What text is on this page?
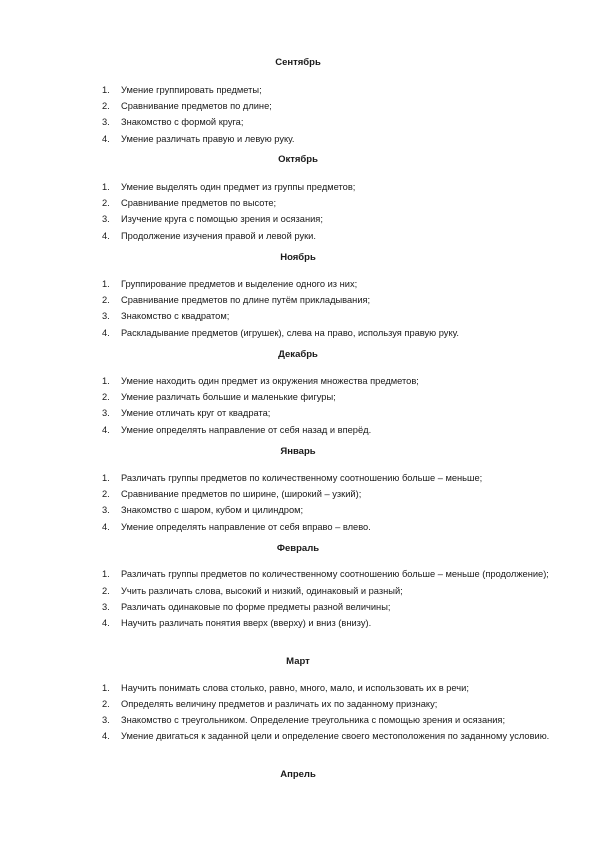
Сентябрь
1. Умение группировать предметы;
2. Сравнивание предметов по длине;
3. Знакомство с формой круга;
4. Умение различать правую и левую руку.
Октябрь
1. Умение выделять один предмет из группы предметов;
2. Сравнивание предметов по высоте;
3. Изучение круга с помощью зрения и осязания;
4. Продолжение изучения правой и левой руки.
Ноябрь
1. Группирование предметов и выделение одного из них;
2. Сравнивание предметов по длине путём прикладывания;
3. Знакомство с квадратом;
4. Раскладывание предметов (игрушек), слева на право, используя правую руку.
Декабрь
1. Умение находить один предмет из окружения множества предметов;
2. Умение различать большие и маленькие фигуры;
3. Умение отличать круг от квадрата;
4. Умение определять направление от себя назад и вперёд.
Январь
1. Различать группы предметов по количественному соотношению больше – меньше;
2. Сравнивание предметов по ширине, (широкий – узкий);
3. Знакомство с шаром, кубом и цилиндром;
4. Умение определять направление от себя вправо – влево.
Февраль
1. Различать группы предметов по количественному соотношению больше – меньше (продолжение);
2. Учить различать слова, высокий и низкий, одинаковый и разный;
3. Различать одинаковые по форме предметы разной величины;
4. Научить различать понятия вверх (вверху) и вниз (внизу).
Март
1. Научить понимать слова столько, равно, много, мало, и использовать их в речи;
2. Определять величину предметов и различать их по заданному признаку;
3. Знакомство с треугольником. Определение треугольника с помощью зрения и осязания;
4. Умение двигаться к заданной цели и определение своего местоположения по заданному условию.
Апрель
